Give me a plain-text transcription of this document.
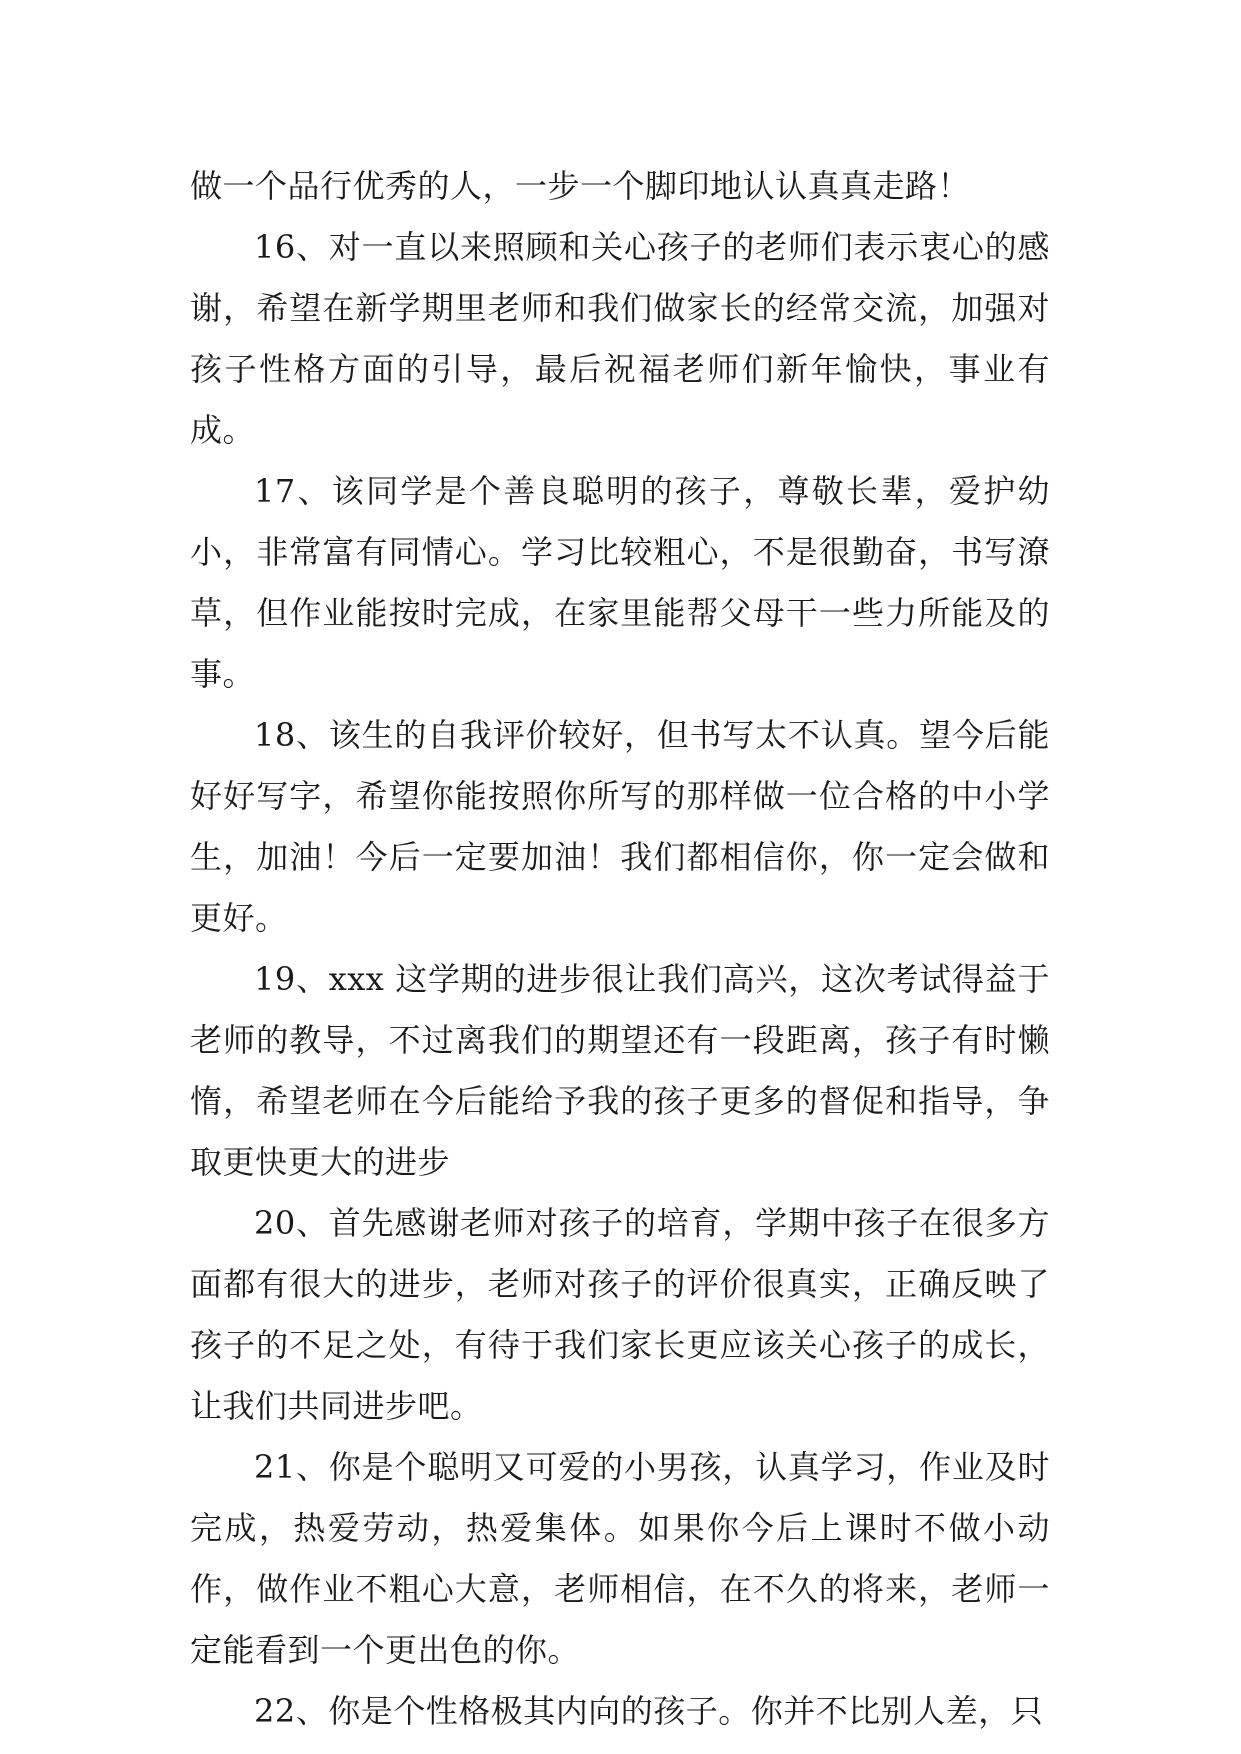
做一个品行优秀的人，一步一个脚印地认认真真走路！

16、对一直以来照顾和关心孩子的老师们表示衷心的感谢，希望在新学期里老师和我们做家长的经常交流，加强对孩子性格方面的引导，最后祝福老师们新年愉快，事业有成。

17、该同学是个善良聪明的孩子，尊敬长辈，爱护幼小，非常富有同情心。学习比较粗心，不是很勤奋，书写潦草，但作业能按时完成，在家里能帮父母干一些力所能及的事。

18、该生的自我评价较好，但书写太不认真。望今后能好好写字，希望你能按照你所写的那样做一位合格的中小学生，加油！今后一定要加油！我们都相信你，你一定会做和更好。

19、xxx 这学期的进步很让我们高兴，这次考试得益于老师的教导，不过离我们的期望还有一段距离，孩子有时懒惰，希望老师在今后能给予我的孩子更多的督促和指导，争取更快更大的进步

20、首先感谢老师对孩子的培育，学期中孩子在很多方面都有很大的进步，老师对孩子的评价很真实，正确反映了孩子的不足之处，有待于我们家长更应该关心孩子的成长，让我们共同进步吧。

21、你是个聪明又可爱的小男孩，认真学习，作业及时完成，热爱劳动，热爱集体。如果你今后上课时不做小动作，做作业不粗心大意，老师相信，在不久的将来，老师一定能看到一个更出色的你。

22、你是个性格极其内向的孩子。你并不比别人差，只
